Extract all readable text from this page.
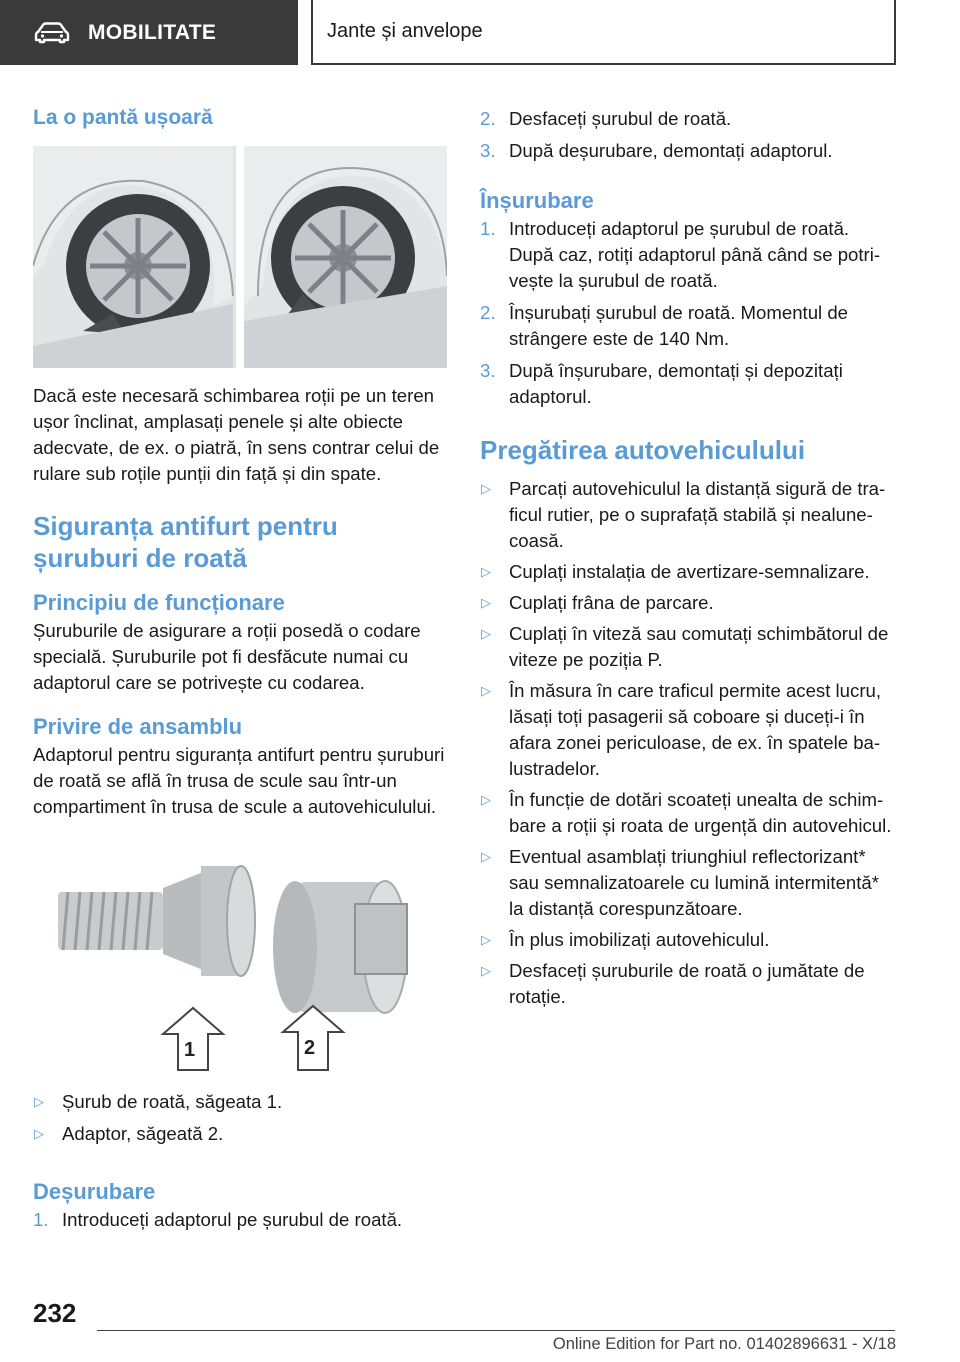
MOBILITATE	Jante și anvelope
La o pantă ușoară

Dacă este necesară schimbarea roții pe un teren ușor înclinat, amplasați penele și alte obiecte adecvate, de ex. o piatră, în sens contrar celui de rulare sub roțile punții din față și din spate.

Siguranța antifurt pentru
șuruburi de roată
Principiu de funcționare

Șuruburile de asigurare a roții posedă o codare specială. Șuruburile pot fi desfăcute numai cu adaptorul care se potrivește cu codarea.

Privire de ansamblu

Adaptorul pentru siguranța antifurt pentru șuruburi de roată se află în trusa de scule sau într-un compartiment în trusa de scule a autovehiculului.

1	2
▷ Șurub de roată, săgeata 1.
▷ Adaptor, săgeată 2.
Deșurubare
1. Introduceți adaptorul pe șurubul de roată.
2. Desfaceți șurubul de roată.
3. După deșurubare, demontați adaptorul.
Înșurubare
1. Introduceți adaptorul pe șurubul de roată. După caz, rotiți adaptorul până când se potrivește la șurubul de roată.
2. Înșurubați șurubul de roată. Momentul de strângere este de 140 Nm.
3. După înșurubare, demontați și depozitați adaptorul.
Pregătirea autovehiculului
▷ Parcați autovehiculul la distanță sigură de traficul rutier, pe o suprafață stabilă și nealunecoasă.
▷ Cuplați instalația de avertizare-semnalizare.
▷ Cuplați frâna de parcare.
▷ Cuplați în viteză sau comutați schimbătorul de viteze pe poziția P.
▷ În măsura în care traficul permite acest lucru, lăsați toți pasagerii să coboare și duceți-i în afara zonei periculoase, de ex. în spatele balustradelor.
▷ În funcție de dotări scoateți unealta de schimbare a roții și roata de urgență din autovehicul.
▷ Eventual asamblați triunghiul reflectorizant* sau semnalizatoarele cu lumină intermitentă* la distanță corespunzătoare.
▷ În plus imobilizați autovehiculul.
▷ Desfaceți șuruburile de roată o jumătate de rotație.
232
Online Edition for Part no. 01402896631 - X/18
